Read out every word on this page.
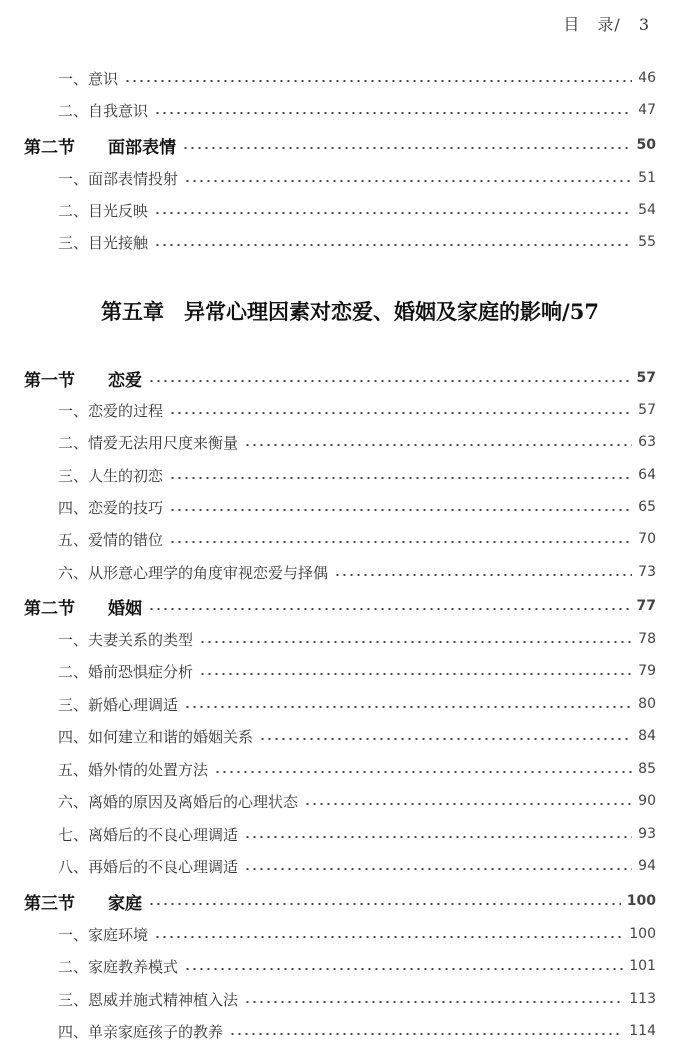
目　录/ 3
第五章 异常心理因素对恋爱、婚姻及家庭的影响/57
一、意识	46
二、自我意识	47
第二节 面部表情	50
一、面部表情投射	51
二、目光反映	54
三、目光接触	55
第一节 恋爱	57
一、恋爱的过程	57
二、情爱无法用尺度来衡量	63
三、人生的初恋	64
四、恋爱的技巧	65
五、爱情的错位	70
六、从形意心理学的角度审视恋爱与择偶	73
第二节 婚姻	77
一、夫妻关系的类型	78
二、婚前恐惧症分析	79
三、新婚心理调适	80
四、如何建立和谐的婚姻关系	84
五、婚外情的处置方法	85
六、离婚的原因及离婚后的心理状态	90
七、离婚后的不良心理调适	93
八、再婚后的不良心理调适	94
第三节 家庭	100
一、家庭环境	100
二、家庭教养模式	101
三、恩威并施式精神植入法	113
四、单亲家庭孩子的教养	114
